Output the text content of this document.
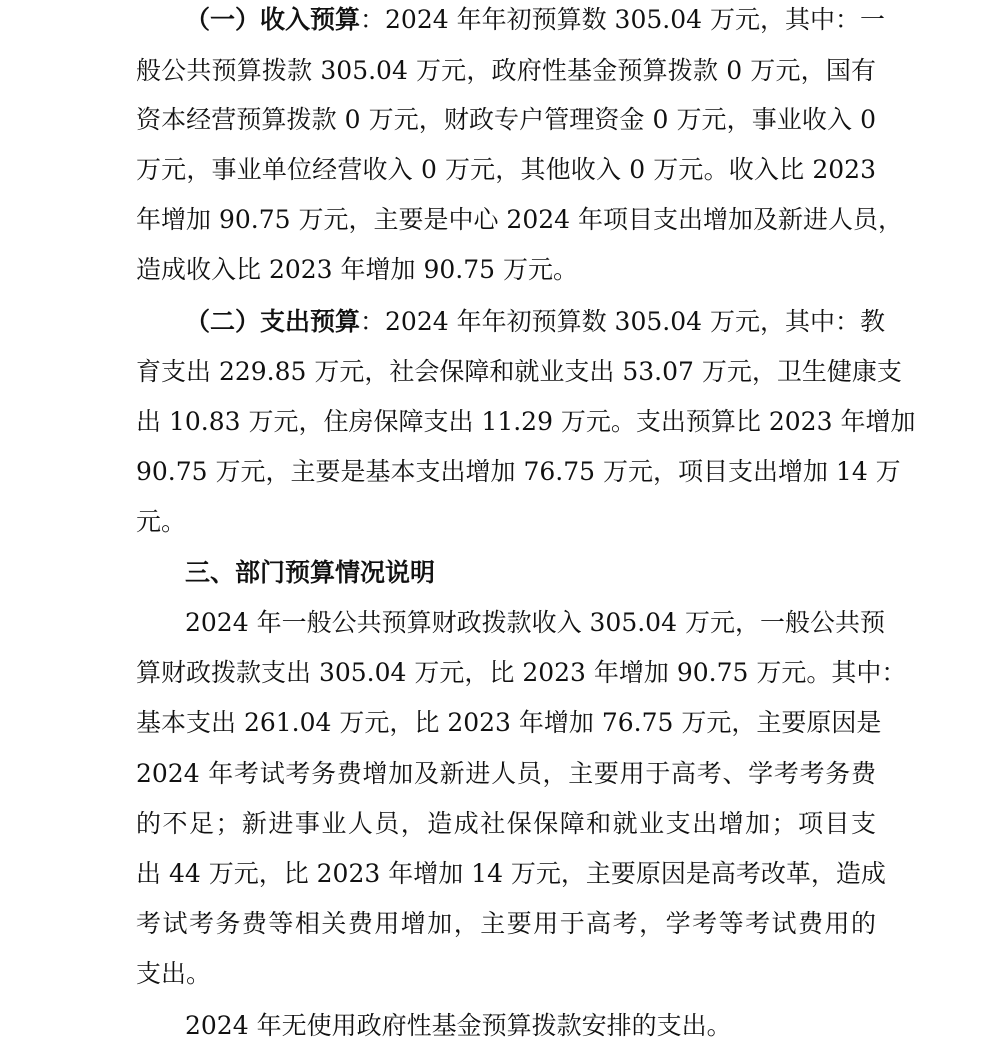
（一）收入预算：2024 年年初预算数 305.04 万元，其中：一
般公共预算拨款 305.04 万元，政府性基金预算拨款 0 万元，国有
资本经营预算拨款 0 万元，财政专户管理资金 0 万元，事业收入 0
万元，事业单位经营收入 0 万元，其他收入 0 万元。收入比 2023
年增加 90.75 万元，主要是中心 2024 年项目支出增加及新进人员，
造成收入比 2023 年增加 90.75 万元。
（二）支出预算：2024 年年初预算数 305.04 万元，其中：教
育支出 229.85 万元，社会保障和就业支出 53.07 万元，卫生健康支
出 10.83 万元，住房保障支出 11.29 万元。支出预算比 2023 年增加
90.75 万元，主要是基本支出增加 76.75 万元，项目支出增加 14 万
元。
三、部门预算情况说明
2024 年一般公共预算财政拨款收入 305.04 万元，一般公共预
算财政拨款支出 305.04 万元，比 2023 年增加 90.75 万元。其中：
基本支出 261.04 万元，比 2023 年增加 76.75 万元，主要原因是
2024 年考试考务费增加及新进人员，主要用于高考、学考考务费
的不足；新进事业人员，造成社保保障和就业支出增加；项目支
出 44 万元，比 2023 年增加 14 万元，主要原因是高考改革，造成
考试考务费等相关费用增加，主要用于高考，学考等考试费用的
支出。
2024 年无使用政府性基金预算拨款安排的支出。
